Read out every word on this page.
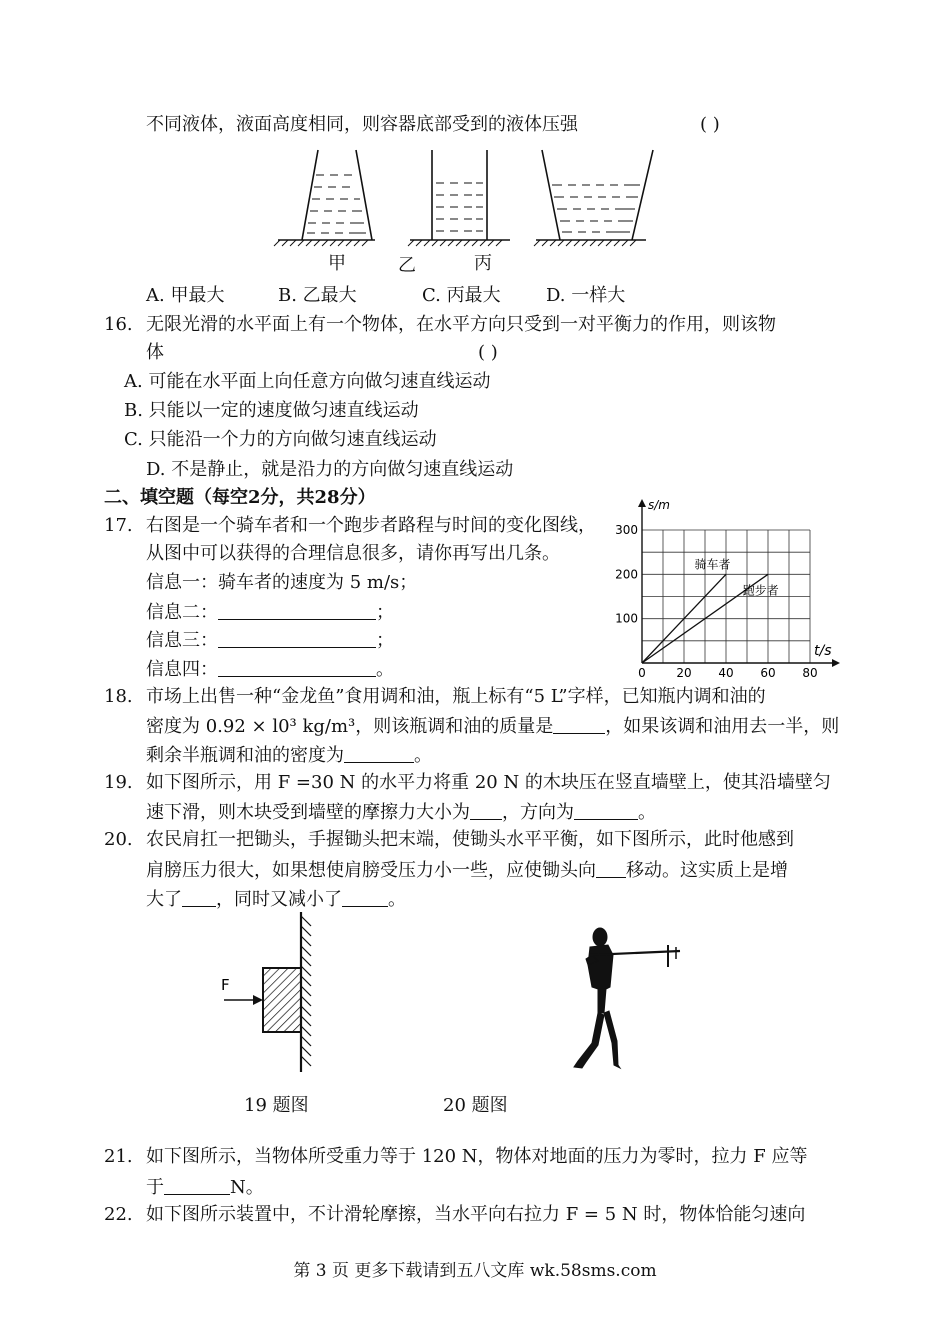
不同液体，液面高度相同，则容器底部受到的液体压强	( )
甲	乙	丙
A. 甲最大	B. 乙最大	C. 丙最大	D. 一样大
16. 无限光滑的水平面上有一个物体，在水平方向只受到一对平衡力的作用，则该物
体	( )
A. 可能在水平面上向任意方向做匀速直线运动
B. 只能以一定的速度做匀速直线运动
C. 只能沿一个力的方向做匀速直线运动
D. 不是静止，就是沿力的方向做匀速直线运动
二、填空题（每空2分，共28分）
17. 右图是一个骑车者和一个跑步者路程与时间的变化图线，
从图中可以获得的合理信息很多，请你再写出几条。
信息一：骑车者的速度为 5 m/s；
信息二：	；
信息三：	；
信息四：	。	0	20 40 60 80
100
200
300
s/m
t/s
骑车者
跑步者
18. 市场上出售一种“金龙鱼”食用调和油，瓶上标有“5 L”字样，已知瓶内调和油的
密度为 0.92 × l0³ kg/m³，则该瓶调和油的质量是	，如果该调和油用去一半，则
剩余半瓶调和油的密度为	。
19. 如下图所示，用 F =30 N 的水平力将重 20 N 的木块压在竖直墙壁上，使其沿墙壁匀
速下滑，则木块受到墙壁的摩擦力大小为 ，方向为	。
20. 农民肩扛一把锄头，手握锄头把末端，使锄头水平平衡，如下图所示，此时他感到
肩膀压力很大，如果想使肩膀受压力小一些，应使锄头向 移动。这实质上是增
大了 ，同时又减小了	。
F
19 题图	20 题图
21. 如下图所示，当物体所受重力等于 120 N，物体对地面的压力为零时，拉力 F 应等
于	N。
22. 如下图所示装置中，不计滑轮摩擦，当水平向右拉力 F = 5 N 时，物体恰能匀速向
第 3 页 更多下载请到五八文库 wk.58sms.com
